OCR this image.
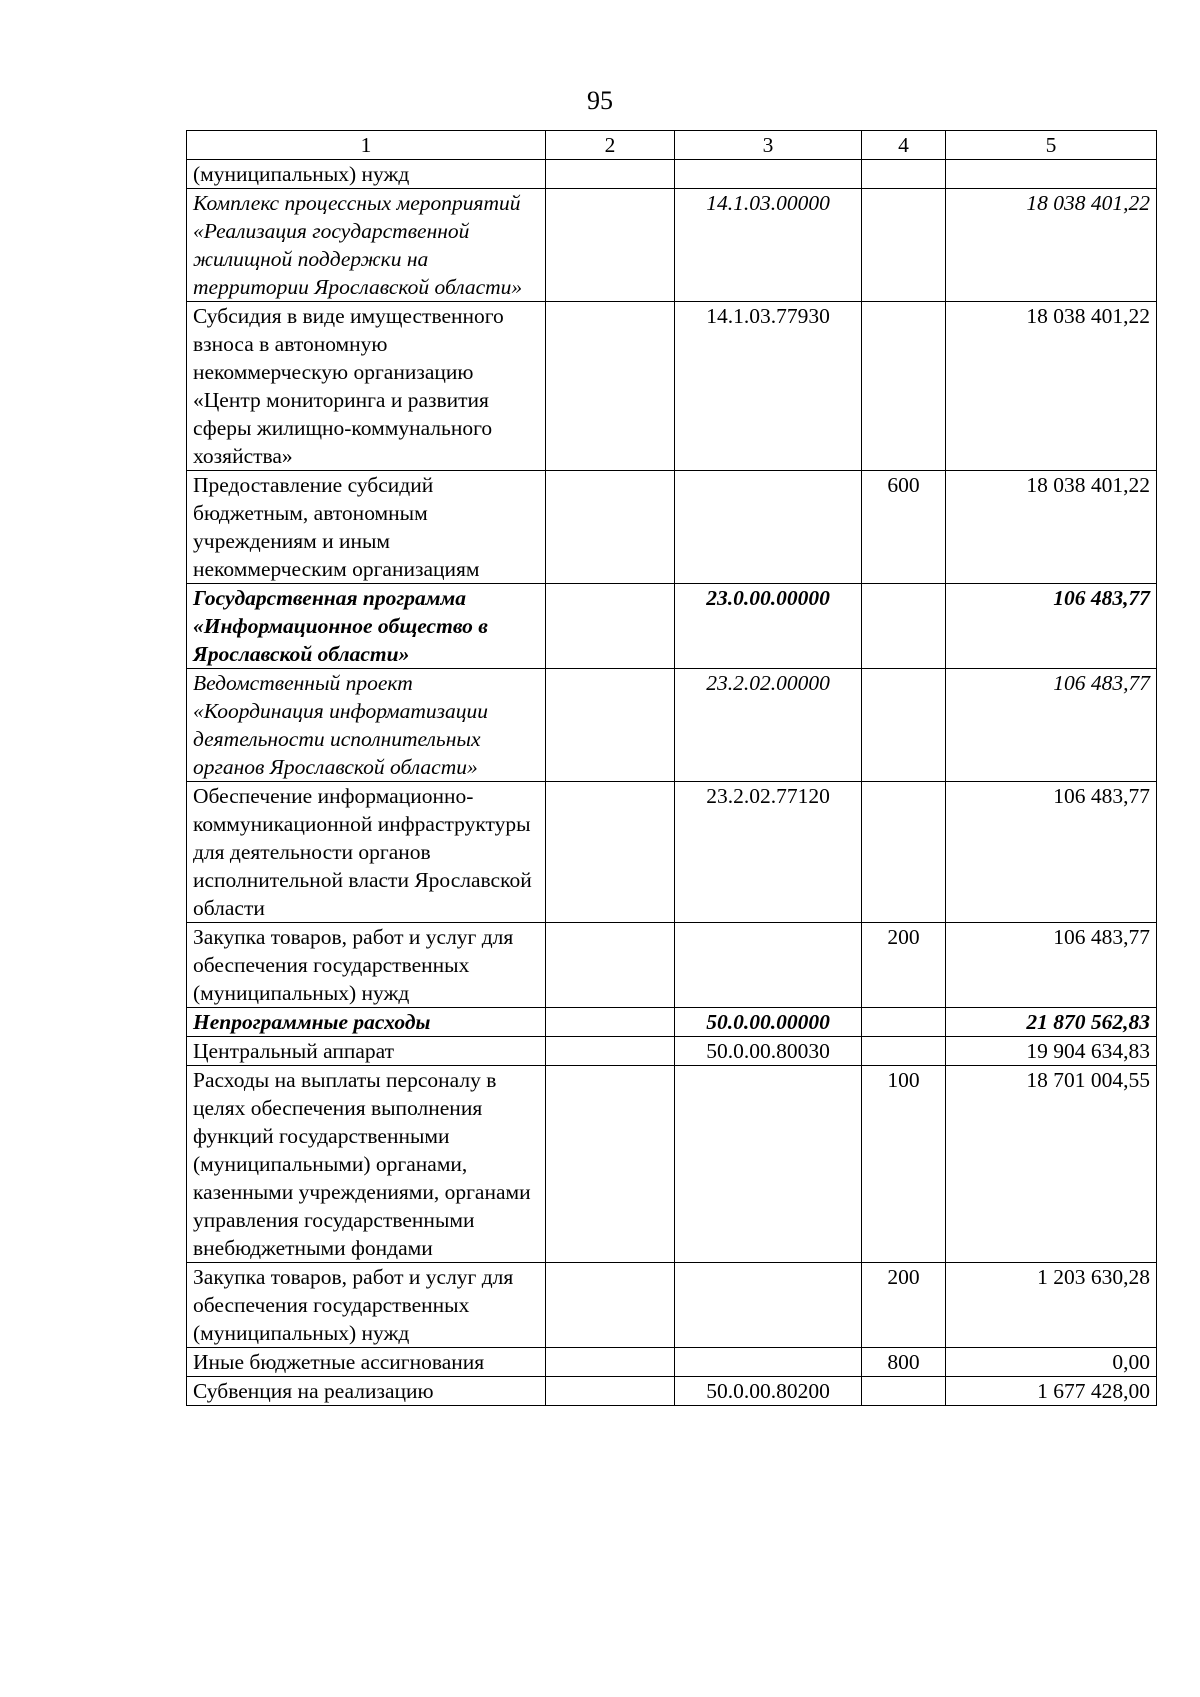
95
1	2	3	4	5
(муниципальных) нужд				
Комплекс процессных мероприятий «Реализация государственной жилищной поддержки на территории Ярославской области»		14.1.03.00000		18 038 401,22
Субсидия в виде имущественного взноса в автономную некоммерческую организацию «Центр мониторинга и развития сферы жилищно-коммунального хозяйства»		14.1.03.77930		18 038 401,22
Предоставление субсидий бюджетным, автономным учреждениям и иным некоммерческим организациям			600	18 038 401,22
Государственная программа «Информационное общество в Ярославской области»		23.0.00.00000		106 483,77
Ведомственный проект «Координация информатизации деятельности исполнительных органов Ярославской области»		23.2.02.00000		106 483,77
Обеспечение информационно-коммуникационной инфраструктуры для деятельности органов исполнительной власти Ярославской области		23.2.02.77120		106 483,77
Закупка товаров, работ и услуг для обеспечения государственных (муниципальных) нужд			200	106 483,77
Непрограммные расходы		50.0.00.00000		21 870 562,83
Центральный аппарат		50.0.00.80030		19 904 634,83
Расходы на выплаты персоналу в целях обеспечения выполнения функций государственными (муниципальными) органами, казенными учреждениями, органами управления государственными внебюджетными фондами			100	18 701 004,55
Закупка товаров, работ и услуг для обеспечения государственных (муниципальных) нужд			200	1 203 630,28
Иные бюджетные ассигнования			800	0,00
Субвенция на реализацию		50.0.00.80200		1 677 428,00
